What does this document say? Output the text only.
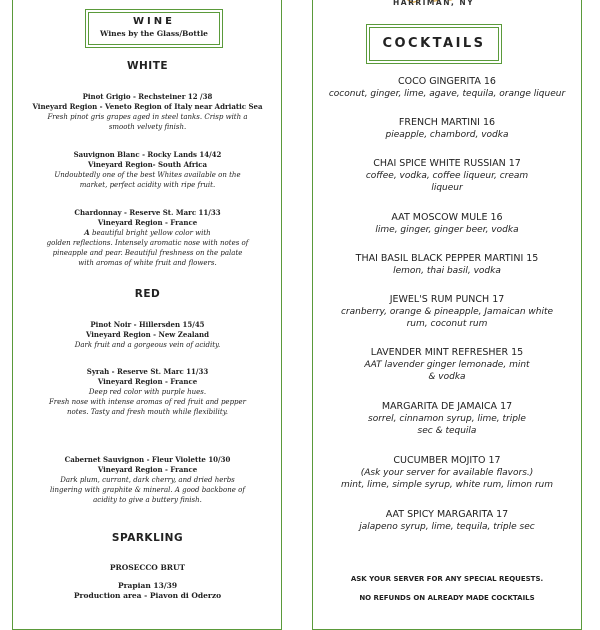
HARRIMAN, NY
WINE
Wines by the Glass/Bottle
WHITE
Pinot Grigio - Rechsteiner 12 /38
Vineyard Region - Veneto Region of Italy near Adriatic Sea
Fresh pinot gris grapes aged in steel tanks. Crisp with a
smooth velvety finish.
Sauvignon Blanc - Rocky Lands 14/42
Vineyard Region- South Africa
Undoubtedly one of the best Whites available on the
market, perfect acidity with ripe fruit.
Chardonnay - Reserve St. Marc 11/33
Vineyard Region - France
A beautiful bright yellow color with
golden reflections. Intensely aromatic nose with notes of
pineapple and pear. Beautiful freshness on the palate
with aromas of white fruit and flowers.
RED
Pinot Noir - Hillersden 15/45
Vineyard Region - New Zealand
Dark fruit and a gorgeous vein of acidity.
Syrah - Reserve St. Marc 11/33
Vineyard Region - France
Deep red color with purple hues.
Fresh nose with intense aromas of red fruit and pepper
notes. Tasty and fresh mouth while flexibility.
Cabernet Sauvignon - Fleur Violette 10/30
Vineyard Region - France
Dark plum, currant, dark cherry, and dried herbs
lingering with graphite & mineral. A good backbone of
acidity to give a buttery finish.
SPARKLING
PROSECCO BRUT
Prapian 13/39
Production area - Piavon di Oderzo
COCKTAILS
COCO GINGERITA 16
coconut, ginger, lime, agave, tequila, orange liqueur
FRENCH MARTINI 16
pieapple, chambord, vodka
CHAI SPICE WHITE RUSSIAN 17
coffee, vodka, coffee liqueur, cream
liqueur
AAT MOSCOW MULE 16
lime, ginger, ginger beer, vodka
THAI BASIL BLACK PEPPER MARTINI 15
lemon, thai basil, vodka
JEWEL'S RUM PUNCH 17
cranberry, orange & pineapple, Jamaican white
rum, coconut rum
LAVENDER MINT REFRESHER 15
AAT lavender ginger lemonade, mint
& vodka
MARGARITA DE JAMAICA 17
sorrel, cinnamon syrup, lime, triple
sec & tequila
CUCUMBER MOJITO 17
(Ask your server for available flavors.)
mint, lime, simple syrup, white rum, limon rum
AAT SPICY MARGARITA 17
jalapeno syrup, lime, tequila, triple sec
ASK YOUR SERVER FOR ANY SPECIAL REQUESTS.
NO REFUNDS ON ALREADY MADE COCKTAILS
